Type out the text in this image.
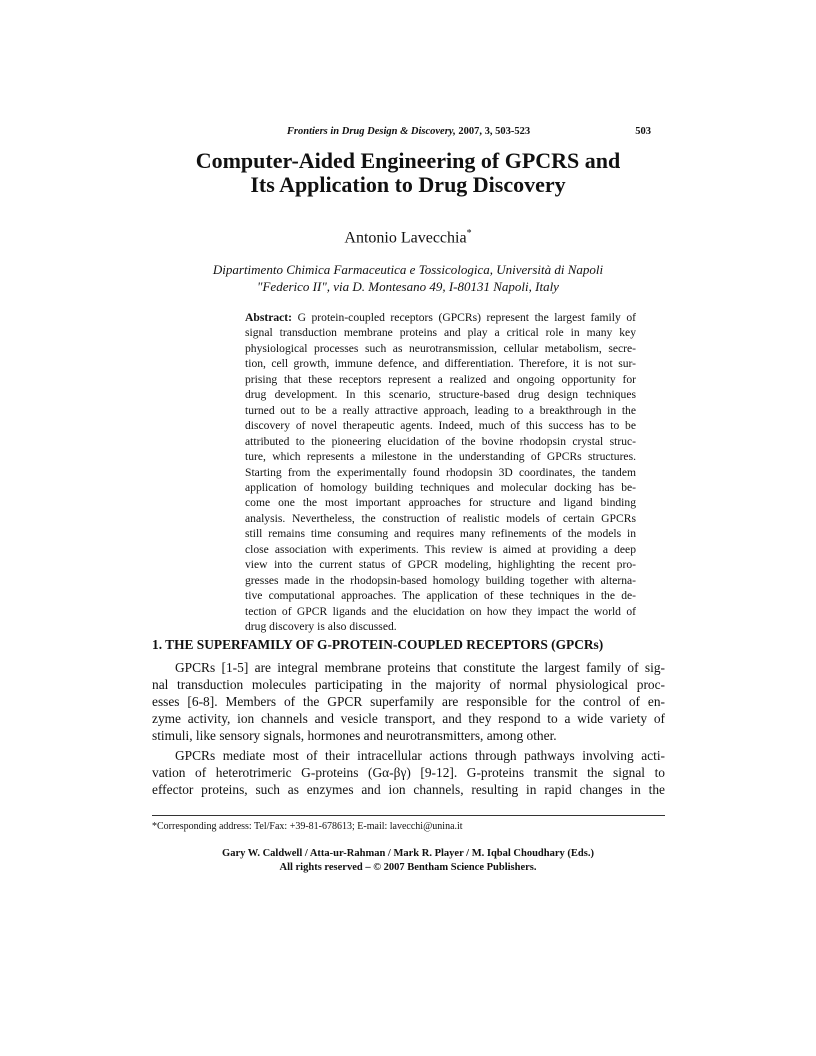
Frontiers in Drug Design & Discovery, 2007, 3, 503-523	503
Computer-Aided Engineering of GPCRS and
Its Application to Drug Discovery
Antonio Lavecchia*
Dipartimento Chimica Farmaceutica e Tossicologica, Università di Napoli
"Federico II", via D. Montesano 49, I-80131 Napoli, Italy
Abstract: G protein-coupled receptors (GPCRs) represent the largest family of
signal transduction membrane proteins and play a critical role in many key
physiological processes such as neurotransmission, cellular metabolism, secre-
tion, cell growth, immune defence, and differentiation. Therefore, it is not sur-
prising that these receptors represent a realized and ongoing opportunity for
drug development. In this scenario, structure-based drug design techniques
turned out to be a really attractive approach, leading to a breakthrough in the
discovery of novel therapeutic agents. Indeed, much of this success has to be
attributed to the pioneering elucidation of the bovine rhodopsin crystal struc-
ture, which represents a milestone in the understanding of GPCRs structures.
Starting from the experimentally found rhodopsin 3D coordinates, the tandem
application of homology building techniques and molecular docking has be-
come one the most important approaches for structure and ligand binding
analysis. Nevertheless, the construction of realistic models of certain GPCRs
still remains time consuming and requires many refinements of the models in
close association with experiments. This review is aimed at providing a deep
view into the current status of GPCR modeling, highlighting the recent pro-
gresses made in the rhodopsin-based homology building together with alterna-
tive computational approaches. The application of these techniques in the de-
tection of GPCR ligands and the elucidation on how they impact the world of
drug discovery is also discussed.
1. THE SUPERFAMILY OF G-PROTEIN-COUPLED RECEPTORS (GPCRs)
GPCRs [1-5] are integral membrane proteins that constitute the largest family of sig-
nal transduction molecules participating in the majority of normal physiological proc-
esses [6-8]. Members of the GPCR superfamily are responsible for the control of en-
zyme activity, ion channels and vesicle transport, and they respond to a wide variety of
stimuli, like sensory signals, hormones and neurotransmitters, among other.
GPCRs mediate most of their intracellular actions through pathways involving acti-
vation of heterotrimeric G-proteins (Gα-βγ) [9-12]. G-proteins transmit the signal to
effector proteins, such as enzymes and ion channels, resulting in rapid changes in the
*Corresponding address: Tel/Fax: +39-81-678613; E-mail: lavecchi@unina.it
Gary W. Caldwell / Atta-ur-Rahman / Mark R. Player / M. Iqbal Choudhary (Eds.)
All rights reserved – © 2007 Bentham Science Publishers.
